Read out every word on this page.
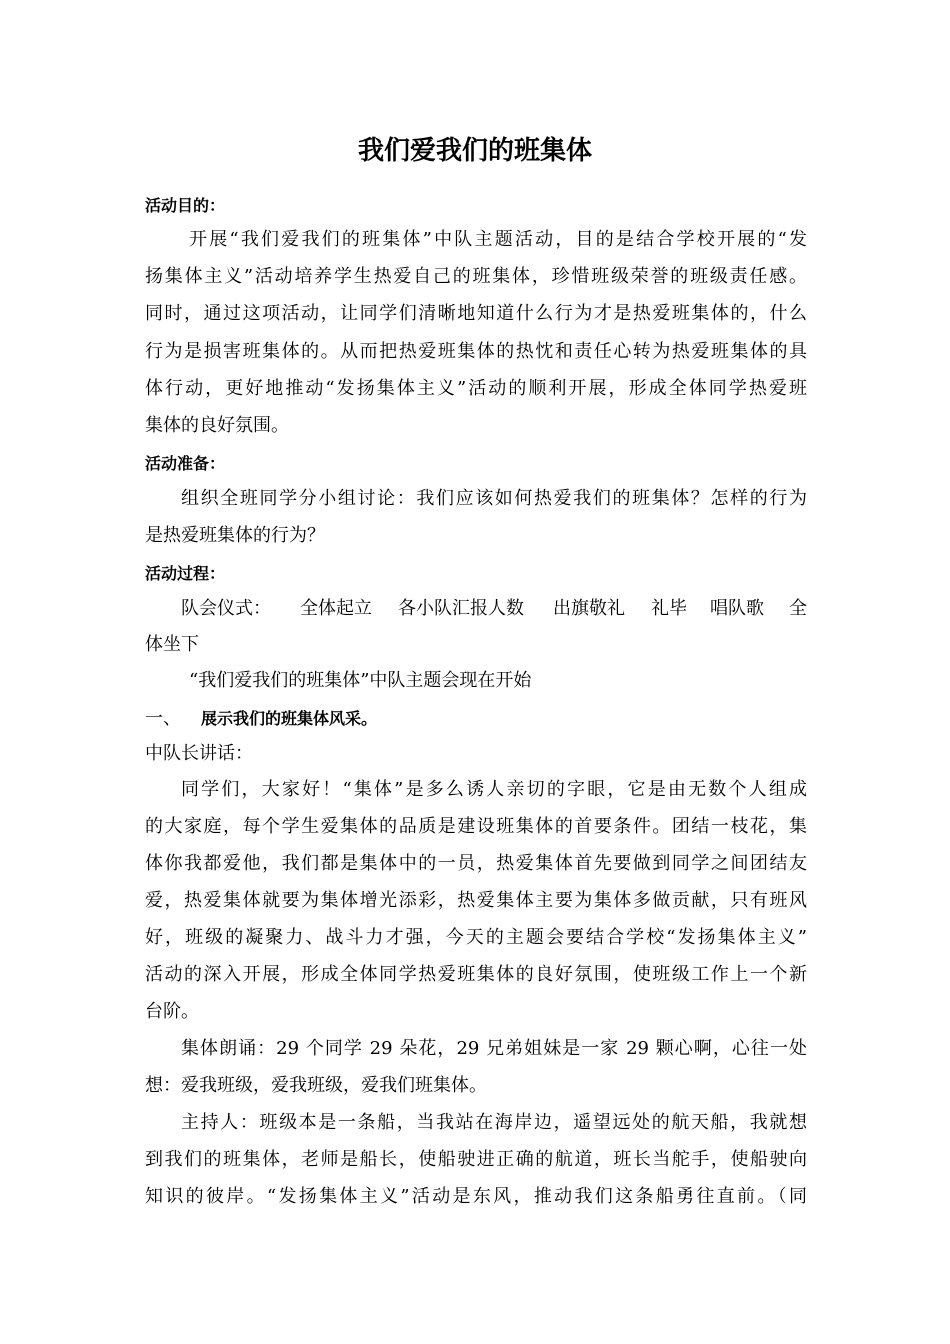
我们爱我们的班集体
活动目的：
开展“我们爱我们的班集体”中队主题活动，目的是结合学校开展的“发
扬集体主义”活动培养学生热爱自己的班集体，珍惜班级荣誉的班级责任感。
同时，通过这项活动，让同学们清晰地知道什么行为才是热爱班集体的，什么
行为是损害班集体的。从而把热爱班集体的热忱和责任心转为热爱班集体的具
体行动，更好地推动“发扬集体主义”活动的顺利开展，形成全体同学热爱班
集体的良好氛围。
活动准备：
组织全班同学分小组讨论：我们应该如何热爱我们的班集体？怎样的行为
是热爱班集体的行为？
活动过程：
队会仪式： 全体起立 各小队汇报人数 出旗敬礼 礼毕 唱队歌 全
体坐下
“我们爱我们的班集体”中队主题会现在开始
一、 展示我们的班集体风采。
中队长讲话：
同学们，大家好！“集体”是多么诱人亲切的字眼，它是由无数个人组成
的大家庭，每个学生爱集体的品质是建设班集体的首要条件。团结一枝花，集
体你我都爱他，我们都是集体中的一员，热爱集体首先要做到同学之间团结友
爱，热爱集体就要为集体增光添彩，热爱集体主要为集体多做贡献，只有班风
好，班级的凝聚力、战斗力才强，今天的主题会要结合学校“发扬集体主义”
活动的深入开展，形成全体同学热爱班集体的良好氛围，使班级工作上一个新
台阶。
集体朗诵：29 个同学 29 朵花，29 兄弟姐妹是一家 29 颗心啊，心往一处
想：爱我班级，爱我班级，爱我们班集体。
主持人：班级本是一条船，当我站在海岸边，遥望远处的航天船，我就想
到我们的班集体，老师是船长，使船驶进正确的航道，班长当舵手，使船驶向
知识的彼岸。“发扬集体主义”活动是东风，推动我们这条船勇往直前。（同
